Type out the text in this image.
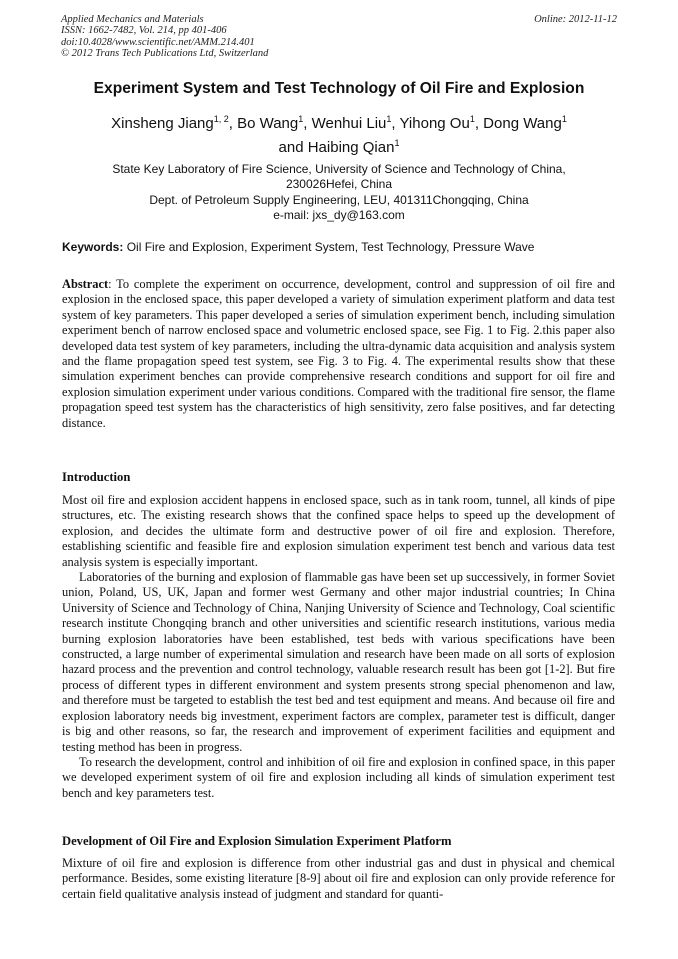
Applied Mechanics and Materials
ISSN: 1662-7482, Vol. 214, pp 401-406
doi:10.4028/www.scientific.net/AMM.214.401
© 2012 Trans Tech Publications Ltd, Switzerland
Online: 2012-11-12
Experiment System and Test Technology of Oil Fire and Explosion
Xinsheng Jiang$^{1, 2}$, Bo Wang$^1$, Wenhui Liu$^1$, Yihong Ou$^1$, Dong Wang$^1$
and Haibing Qian$^1$
State Key Laboratory of Fire Science, University of Science and Technology of China,
230026Hefei, China
Dept. of Petroleum Supply Engineering, LEU, 401311Chongqing, China
e-mail: jxs_dy@163.com
Keywords: Oil Fire and Explosion, Experiment System, Test Technology, Pressure Wave

Abstract: To complete the experiment on occurrence, development, control and suppression of oil fire and explosion in the enclosed space, this paper developed a variety of simulation experiment platform and data test system of key parameters. This paper developed a series of simulation experiment bench, including simulation experiment bench of narrow enclosed space and volumetric enclosed space, see Fig. 1 to Fig. 2.this paper also developed data test system of key parameters, including the ultra-dynamic data acquisition and analysis system and the flame propagation speed test system, see Fig. 3 to Fig. 4. The experimental results show that these simulation experiment benches can provide comprehensive research conditions and support for oil fire and explosion simulation experiment under various conditions. Compared with the traditional fire sensor, the flame propagation speed test system has the characteristics of high sensitivity, zero false positives, and far detecting distance.

Introduction

Most oil fire and explosion accident happens in enclosed space, such as in tank room, tunnel, all kinds of pipe structures, etc. The existing research shows that the confined space helps to speed up the development of explosion, and decides the ultimate form and destructive power of oil fire and explosion. Therefore, establishing scientific and feasible fire and explosion simulation experiment test bench and various data test analysis system is especially important.

Laboratories of the burning and explosion of flammable gas have been set up successively, in former Soviet union, Poland, US, UK, Japan and former west Germany and other major industrial countries; In China University of Science and Technology of China, Nanjing University of Science and Technology, Coal scientific research institute Chongqing branch and other universities and scientific research institutions, various media burning explosion laboratories have been established, test beds with various specifications have been constructed, a large number of experimental simulation and research have been made on all sorts of explosion hazard process and the prevention and control technology, valuable research result has been got [1-2]. But fire process of different types in different environment and system presents strong special phenomenon and law, and therefore must be targeted to establish the test bed and test equipment and means. And because oil fire and explosion laboratory needs big investment, experiment factors are complex, parameter test is difficult, danger is big and other reasons, so far, the research and improvement of experiment facilities and equipment and testing method has been in progress.

To research the development, control and inhibition of oil fire and explosion in confined space, in this paper we developed experiment system of oil fire and explosion including all kinds of simulation experiment test bench and key parameters test.

Development of Oil Fire and Explosion Simulation Experiment Platform

Mixture of oil fire and explosion is difference from other industrial gas and dust in physical and chemical performance. Besides, some existing literature [8-9] about oil fire and explosion can only provide reference for certain field qualitative analysis instead of judgment and standard for quanti-
